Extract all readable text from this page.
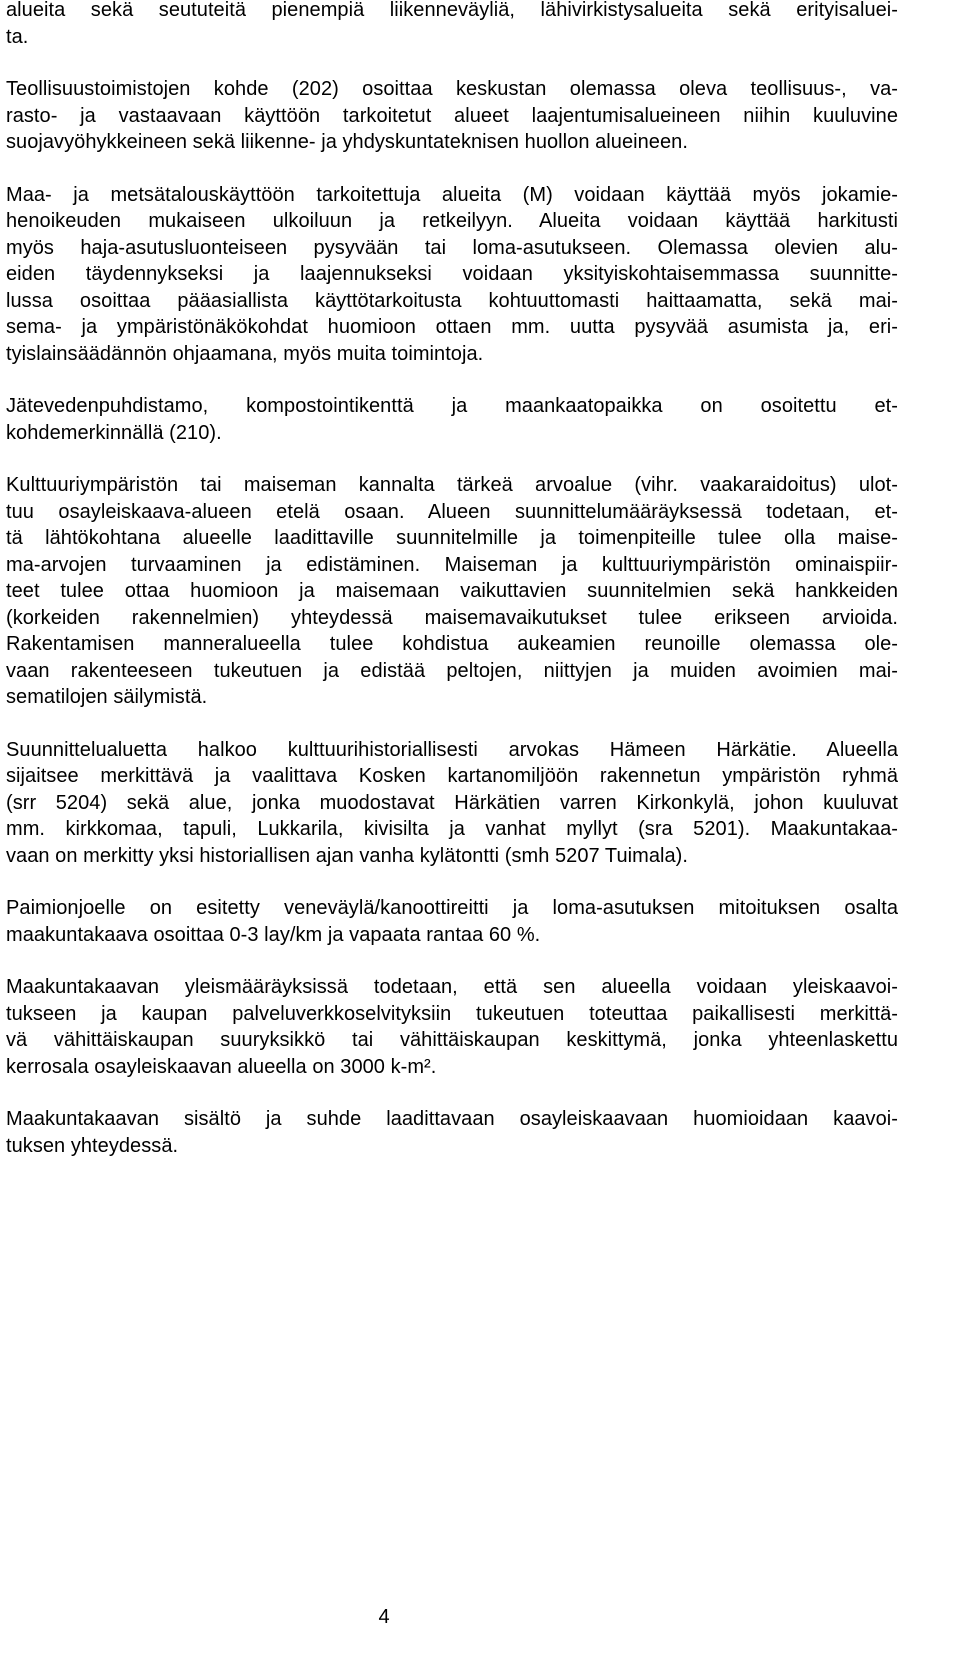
alueita sekä seututeitä pienempiä liikenneväyliä, lähivirkistysalueita sekä erityisaluei-
ta.

Teollisuustoimistojen kohde (202) osoittaa keskustan olemassa oleva teollisuus-, va-
rasto- ja vastaavaan käyttöön tarkoitetut alueet laajentumisalueineen niihin kuuluvine
suojavyöhykkeineen sekä liikenne- ja yhdyskuntateknisen huollon alueineen.

Maa- ja metsätalouskäyttöön tarkoitettuja alueita (M) voidaan käyttää myös jokamie-
henoikeuden mukaiseen ulkoiluun ja retkeilyyn. Alueita voidaan käyttää harkitusti
myös haja-asutusluonteiseen pysyvään tai loma-asutukseen. Olemassa olevien alu-
eiden täydennykseksi ja laajennukseksi voidaan yksityiskohtaisemmassa suunnitte-
lussa osoittaa pääasiallista käyttötarkoitusta kohtuuttomasti haittaamatta, sekä mai-
sema- ja ympäristönäkökohdat huomioon ottaen mm. uutta pysyvää asumista ja, eri-
tyislainsäädännön ohjaamana, myös muita toimintoja.

Jätevedenpuhdistamo, kompostointikenttä ja maankaatopaikka on osoitettu et-
kohdemerkinnällä (210).

Kulttuuriympäristön tai maiseman kannalta tärkeä arvoalue (vihr. vaakaraidoitus) ulot-
tuu osayleiskaava-alueen etelä osaan. Alueen suunnittelumääräyksessä todetaan, et-
tä lähtökohtana alueelle laadittaville suunnitelmille ja toimenpiteille tulee olla maise-
ma-arvojen turvaaminen ja edistäminen. Maiseman ja kulttuuriympäristön ominaispiir-
teet tulee ottaa huomioon ja maisemaan vaikuttavien suunnitelmien sekä hankkeiden
(korkeiden rakennelmien) yhteydessä maisemavaikutukset tulee erikseen arvioida.
Rakentamisen manneralueella tulee kohdistua aukeamien reunoille olemassa ole-
vaan rakenteeseen tukeutuen ja edistää peltojen, niittyjen ja muiden avoimien mai-
sematilojen säilymistä.

Suunnittelualuetta halkoo kulttuurihistoriallisesti arvokas Hämeen Härkätie. Alueella
sijaitsee merkittävä ja vaalittava Kosken kartanomiljöön rakennetun ympäristön ryhmä
(srr 5204) sekä alue, jonka muodostavat Härkätien varren Kirkonkylä, johon kuuluvat
mm. kirkkomaa, tapuli, Lukkarila, kivisilta ja vanhat myllyt (sra 5201). Maakuntakaa-
vaan on merkitty yksi historiallisen ajan vanha kylätontti (smh 5207 Tuimala).

Paimionjoelle on esitetty veneväylä/kanoottireitti ja loma-asutuksen mitoituksen osalta
maakuntakaava osoittaa 0-3 lay/km ja vapaata rantaa 60 %.

Maakuntakaavan yleismääräyksissä todetaan, että sen alueella voidaan yleiskaavoi-
tukseen ja kaupan palveluverkkoselvityksiin tukeutuen toteuttaa paikallisesti merkittä-
vä vähittäiskaupan suuryksikkö tai vähittäiskaupan keskittymä, jonka yhteenlaskettu
kerrosala osayleiskaavan alueella on 3000 k-m².

Maakuntakaavan sisältö ja suhde laadittavaan osayleiskaavaan huomioidaan kaavoi-
tuksen yhteydessä.

4
